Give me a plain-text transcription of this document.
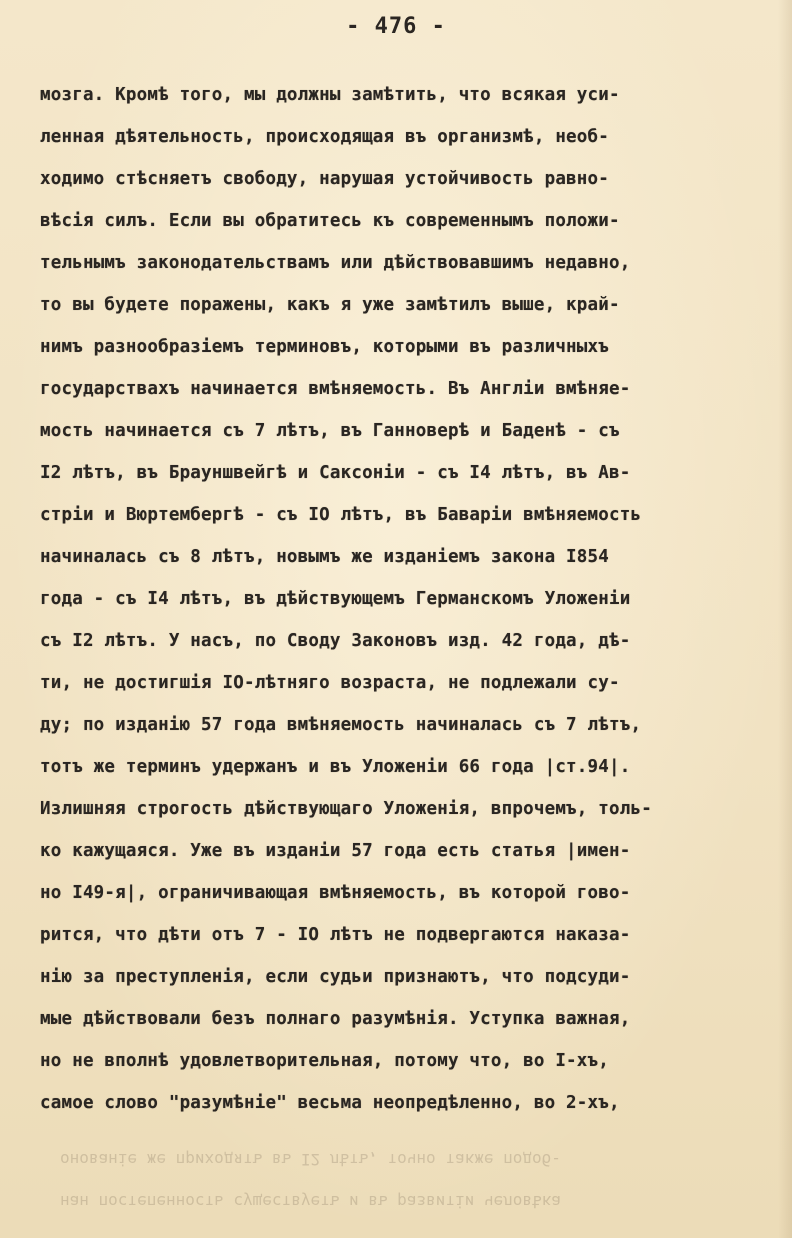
онованіе же приходятъ въ I2 лѣтъ, точно также подоб-
нан постепенность существуетъ и въ развитіи человѣка
- 476 -
мозга. Кромѣ того, мы должны замѣтить, что всякая уси-
ленная дѣятельность, происходящая въ организмѣ, необ-
ходимо стѣсняетъ свободу, нарушая устойчивость равно-
вѣсія силъ. Если вы обратитесь къ современнымъ положи-
тельнымъ законодательствамъ или дѣйствовавшимъ недавно,
то вы будете поражены, какъ я уже замѣтилъ выше, край-
нимъ разнообразіемъ терминовъ, которыми въ различныхъ
государствахъ начинается вмѣняемость. Въ Англіи вмѣняе-
мость начинается съ 7 лѣтъ, въ Ганноверѣ и Баденѣ - съ
I2 лѣтъ, въ Брауншвейгѣ и Саксоніи - съ I4 лѣтъ, въ Ав-
стріи и Вюртембергѣ - съ IO лѣтъ, въ Баваріи вмѣняемость
начиналась съ 8 лѣтъ, новымъ же изданіемъ закона I854
года - съ I4 лѣтъ, въ дѣйствующемъ Германскомъ Уложеніи
съ I2 лѣтъ. У насъ, по Своду Законовъ изд. 42 года, дѣ-
ти, не достигшія IO-лѣтняго возраста, не подлежали су-
ду; по изданію 57 года вмѣняемость начиналась съ 7 лѣтъ,
тотъ же терминъ удержанъ и въ Уложеніи 66 года |ст.94|.
Излишняя строгость дѣйствующаго Уложенія, впрочемъ, толь-
ко кажущаяся. Уже въ изданіи 57 года есть статья |имен-
но I49-я|, ограничивающая вмѣняемость, въ которой гово-
рится, что дѣти отъ 7 - IO лѣтъ не подвергаются наказа-
нію за преступленія, если судьи признаютъ, что подсуди-
мые дѣйствовали безъ полнаго разумѣнія. Уступка важная,
но не вполнѣ удовлетворительная, потому что, во I-хъ,
самое слово "разумѣніе" весьма неопредѣленно, во 2-хъ,
